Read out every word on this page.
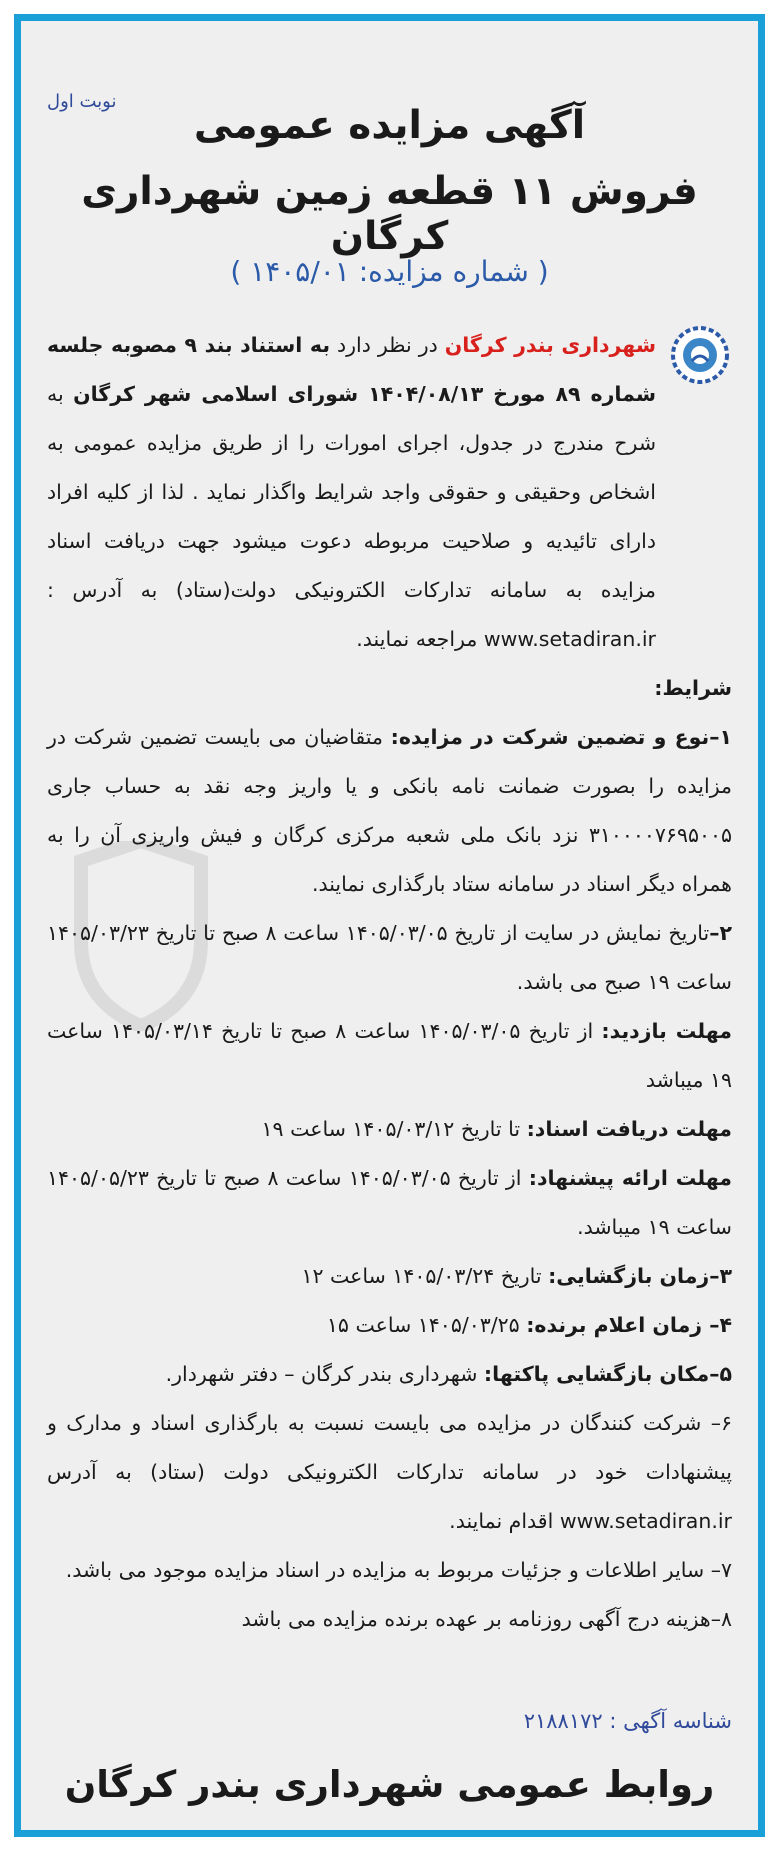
نوبت اول
آگهی مزایده عمومی
فروش ۱۱ قطعه زمین شهرداری کرگان
( شماره مزایده: ۱۴۰۵/۰۱ )

شهرداری بندر کرگان در نظر دارد به استناد بند ۹ مصوبه جلسه شماره ۸۹ مورخ ۱۴۰۴/۰۸/۱۳ شورای اسلامی شهر کرگان به شرح مندرج در جدول، اجرای امورات را از طریق مزایده عمومی به اشخاص وحقیقی و حقوقی واجد شرایط واگذار نماید . لذا از کلیه افراد دارای تائیدیه و صلاحیت مربوطه دعوت میشود جهت دریافت اسناد مزایده به سامانه تدارکات الکترونیکی دولت(ستاد) به آدرس : www.setadiran.ir مراجعه نمایند.

شرایط:

۱–نوع و تضمین شرکت در مزایده: متقاضیان می بایست تضمین شرکت در مزایده را بصورت ضمانت نامه بانکی و یا واریز وجه نقد به حساب جاری ۳۱۰۰۰۰۷۶۹۵۰۰۵ نزد بانک ملی شعبه مرکزی کرگان و فیش واریزی آن را به همراه دیگر اسناد در سامانه ستاد بارگذاری نمایند.

۲–تاریخ نمایش در سایت از تاریخ ۱۴۰۵/۰۳/۰۵ ساعت ۸ صبح تا تاریخ ۱۴۰۵/۰۳/۲۳ ساعت ۱۹ صبح می باشد.

مهلت بازدید: از تاریخ ۱۴۰۵/۰۳/۰۵ ساعت ۸ صبح تا تاریخ ۱۴۰۵/۰۳/۱۴ ساعت ۱۹ میباشد

مهلت دریافت اسناد: تا تاریخ ۱۴۰۵/۰۳/۱۲ ساعت ۱۹

مهلت ارائه پیشنهاد: از تاریخ ۱۴۰۵/۰۳/۰۵ ساعت ۸ صبح تا تاریخ ۱۴۰۵/۰۵/۲۳ ساعت ۱۹ میباشد.

۳–زمان بازگشایی: تاریخ ۱۴۰۵/۰۳/۲۴ ساعت ۱۲

۴– زمان اعلام برنده: ۱۴۰۵/۰۳/۲۵ ساعت ۱۵

۵–مکان بازگشایی پاکتها: شهرداری بندر کرگان – دفتر شهردار.

۶– شرکت کنندگان در مزایده می بایست نسبت به بارگذاری اسناد و مدارک و پیشنهادات خود در سامانه تدارکات الکترونیکی دولت (ستاد) به آدرس www.setadiran.ir اقدام نمایند.

۷– سایر اطلاعات و جزئیات مربوط به مزایده در اسناد مزایده موجود می باشد.

۸–هزینه درج آگهی روزنامه بر عهده برنده مزایده می باشد

شناسه آگهی : ۲۱۸۸۱۷۲
روابط عمومی شهرداری بندر کرگان
